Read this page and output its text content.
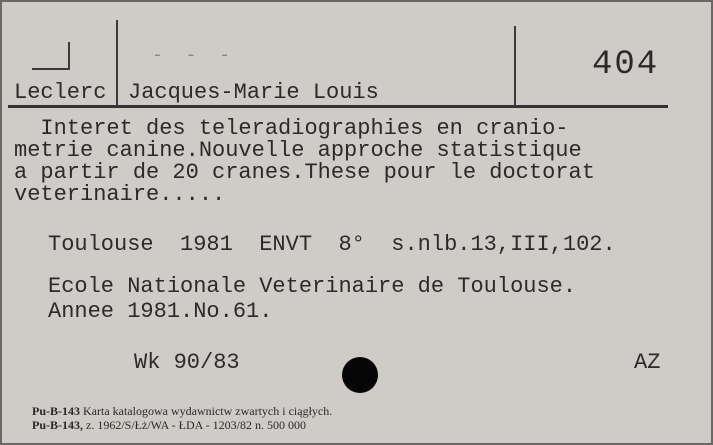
- - -
Leclerc Jacques-Marie Louis
404
Interet des teleradiographies en cranio-
metrie canine.Nouvelle approche statistique
a partir de 20 cranes.These pour le doctorat
veterinaire.....
Toulouse  1981  ENVT  8°  s.nlb.13,III,102.
Ecole Nationale Veterinaire de Toulouse.
Annee 1981.No.61.
Wk 90/83	AZ
Pu-B-143 Karta katalogowa wydawnictw zwartych i ciągłych.
Pu-B-143, z. 1962/S/Łż/WA - ŁDA - 1203/82 n. 500 000
